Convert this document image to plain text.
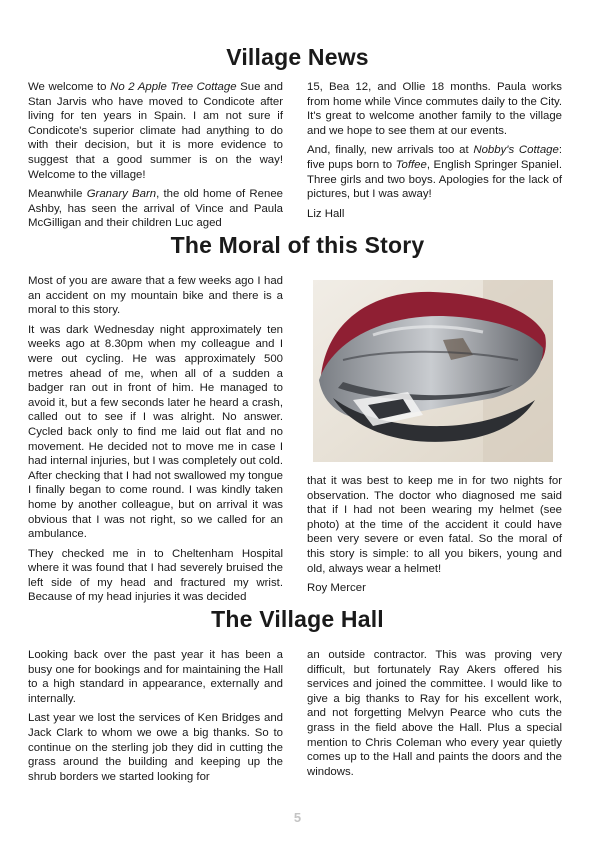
Village News

We welcome to No 2 Apple Tree Cottage Sue and Stan Jarvis who have moved to Condicote after living for ten years in Spain. I am not sure if Condicote's superior climate had anything to do with their decision, but it is more evidence to suggest that a good summer is on the way! Welcome to the village!

Meanwhile Granary Barn, the old home of Renee Ashby, has seen the arrival of Vince and Paula McGilligan and their children Luc aged

15, Bea 12, and Ollie 18 months. Paula works from home while Vince commutes daily to the City. It's great to welcome another family to the village and we hope to see them at our events.

And, finally, new arrivals too at Nobby's Cottage: five pups born to Toffee, English Springer Spaniel. Three girls and two boys. Apologies for the lack of pictures, but I was away!

Liz Hall

The Moral of this Story

Most of you are aware that a few weeks ago I had an accident on my mountain bike and there is a moral to this story.

It was dark Wednesday night approximately ten weeks ago at 8.30pm when my colleague and I were out cycling. He was approximately 500 metres ahead of me, when all of a sudden a badger ran out in front of him. He managed to avoid it, but a few seconds later he heard a crash, called out to see if I was alright. No answer. Cycled back only to find me laid out flat and no movement. He decided not to move me in case I had internal injuries, but I was completely out cold. After checking that I had not swallowed my tongue I finally began to come round. I was kindly taken home by another colleague, but on arrival it was obvious that I was not right, so we called for an ambulance.

They checked me in to Cheltenham Hospital where it was found that I had severely bruised the left side of my head and fractured my wrist. Because of my head injuries it was decided

that it was best to keep me in for two nights for observation. The doctor who diagnosed me said that if I had not been wearing my helmet (see photo) at the time of the accident it could have been very severe or even fatal. So the moral of this story is simple: to all you bikers, young and old, always wear a helmet!

Roy Mercer

The Village Hall

Looking back over the past year it has been a busy one for bookings and for maintaining the Hall to a high standard in appearance, externally and internally.

Last year we lost the services of Ken Bridges and Jack Clark to whom we owe a big thanks. So to continue on the sterling job they did in cutting the grass around the building and keeping up the shrub borders we started looking for

an outside contractor. This was proving very difficult, but fortunately Ray Akers offered his services and joined the committee. I would like to give a big thanks to Ray for his excellent work, and not forgetting Melvyn Pearce who cuts the grass in the field above the Hall. Plus a special mention to Chris Coleman who every year quietly comes up to the Hall and paints the doors and the windows.

5
